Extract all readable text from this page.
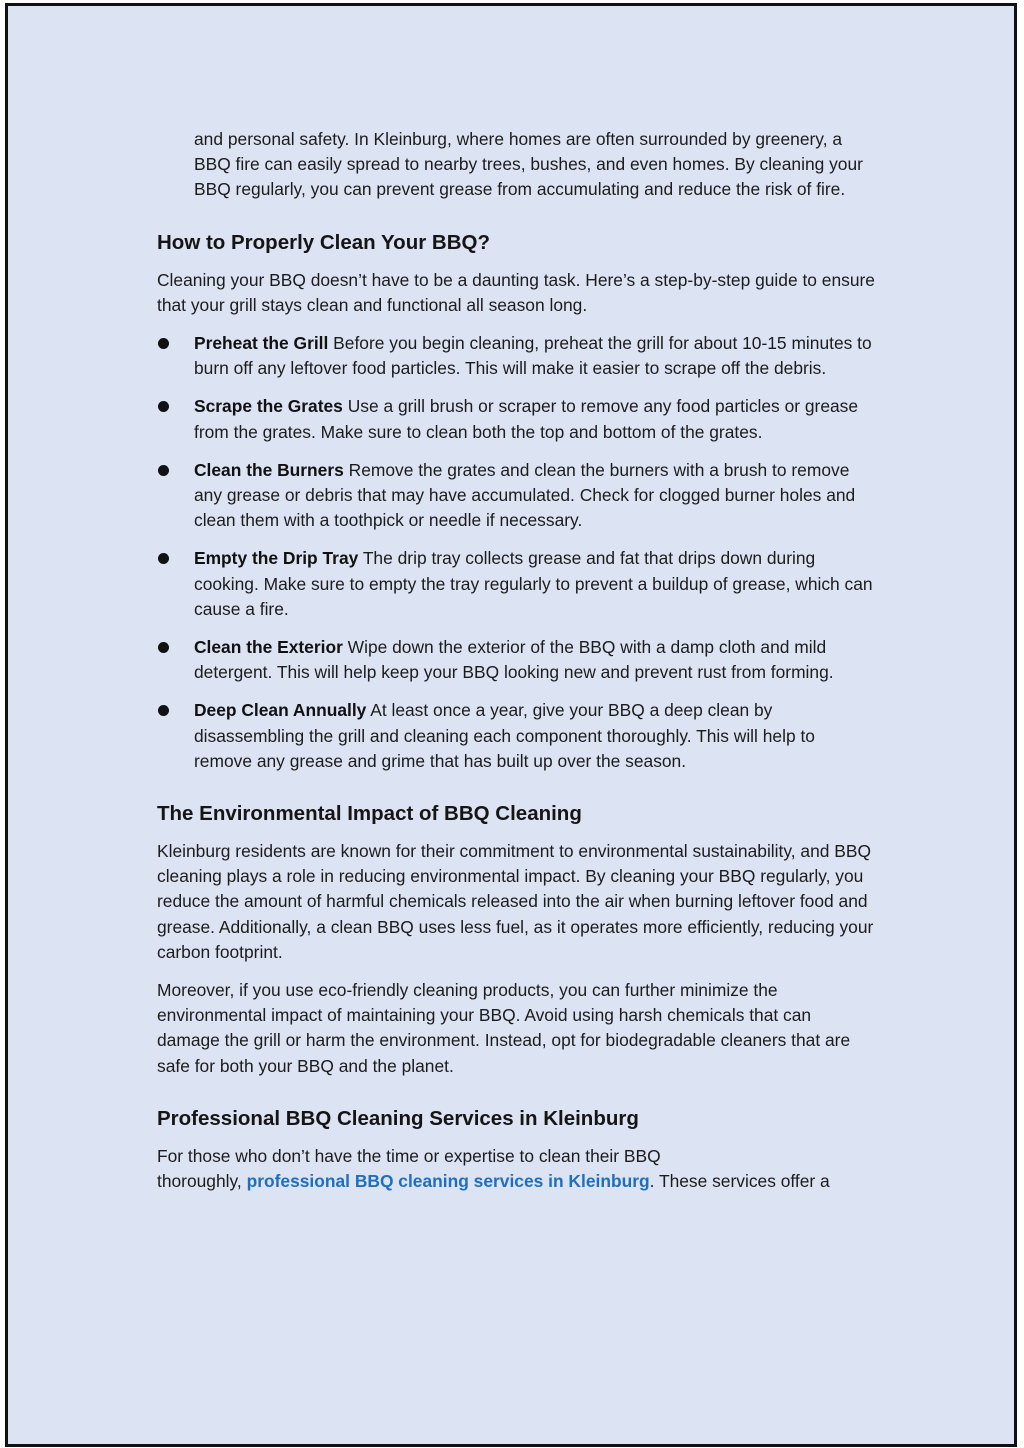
and personal safety. In Kleinburg, where homes are often surrounded by greenery, a BBQ fire can easily spread to nearby trees, bushes, and even homes. By cleaning your BBQ regularly, you can prevent grease from accumulating and reduce the risk of fire.

How to Properly Clean Your BBQ?

Cleaning your BBQ doesn’t have to be a daunting task. Here’s a step-by-step guide to ensure that your grill stays clean and functional all season long.

Preheat the Grill Before you begin cleaning, preheat the grill for about 10-15 minutes to burn off any leftover food particles. This will make it easier to scrape off the debris.
Scrape the Grates Use a grill brush or scraper to remove any food particles or grease from the grates. Make sure to clean both the top and bottom of the grates.
Clean the Burners Remove the grates and clean the burners with a brush to remove any grease or debris that may have accumulated. Check for clogged burner holes and clean them with a toothpick or needle if necessary.
Empty the Drip Tray The drip tray collects grease and fat that drips down during cooking. Make sure to empty the tray regularly to prevent a buildup of grease, which can cause a fire.
Clean the Exterior Wipe down the exterior of the BBQ with a damp cloth and mild detergent. This will help keep your BBQ looking new and prevent rust from forming.
Deep Clean Annually At least once a year, give your BBQ a deep clean by disassembling the grill and cleaning each component thoroughly. This will help to remove any grease and grime that has built up over the season.
The Environmental Impact of BBQ Cleaning

Kleinburg residents are known for their commitment to environmental sustainability, and BBQ cleaning plays a role in reducing environmental impact. By cleaning your BBQ regularly, you reduce the amount of harmful chemicals released into the air when burning leftover food and grease. Additionally, a clean BBQ uses less fuel, as it operates more efficiently, reducing your carbon footprint.

Moreover, if you use eco-friendly cleaning products, you can further minimize the environmental impact of maintaining your BBQ. Avoid using harsh chemicals that can damage the grill or harm the environment. Instead, opt for biodegradable cleaners that are safe for both your BBQ and the planet.

Professional BBQ Cleaning Services in Kleinburg

For those who don’t have the time or expertise to clean their BBQ
thoroughly, professional BBQ cleaning services in Kleinburg. These services offer a
